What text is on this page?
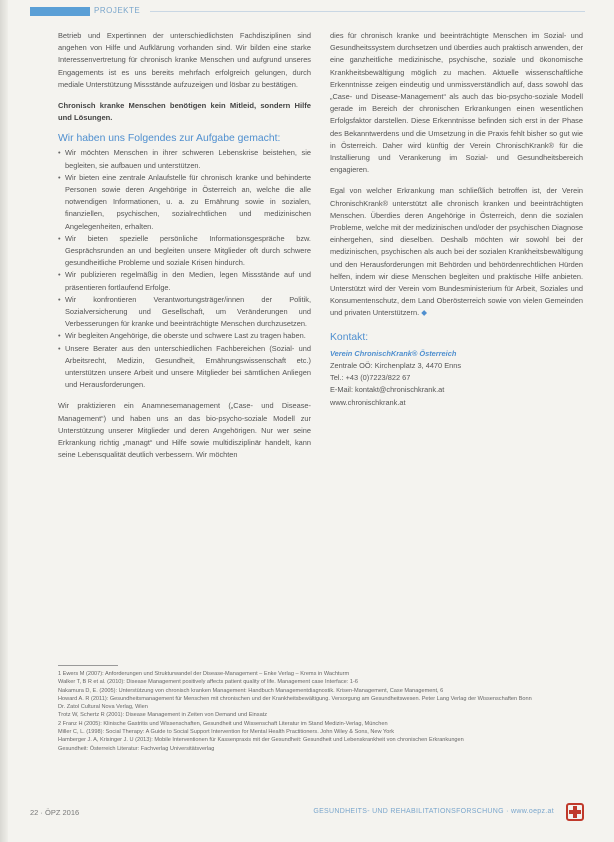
PROJEKTE

Betrieb und Expertinnen der unterschiedlichsten Fachdisziplinen sind angehen von Hilfe und Aufklärung vorhanden sind. Wir bilden eine starke Interessenvertretung für chronisch kranke Menschen und aufgrund unseres Engagements ist es uns bereits mehrfach erfolgreich gelungen, durch mediale Unterstützung Missstände aufzuzeigen und lösbar zu bestätigen.

Chronisch kranke Menschen benötigen kein Mitleid, sondern Hilfe und Lösungen.

Wir haben uns Folgendes zur Aufgabe gemacht:
• Wir möchten Menschen in ihrer schweren Lebenskrise beistehen, sie begleiten, sie aufbauen und unterstützen.
• Wir bieten eine zentrale Anlaufstelle für chronisch kranke und behinderte Personen sowie deren Angehörige in Österreich an, welche die alle notwendigen Informationen, u. a. zu Ernährung sowie in sozialen, finanziellen, psychischen, sozialrechtlichen und medizinischen Angelegenheiten, erhalten.
• Wir bieten spezielle persönliche Informationsgespräche bzw. Gesprächsrunden an und begleiten unsere Mitglieder oft durch schwere gesundheitliche Probleme und soziale Krisen hindurch.
• Wir publizieren regelmäßig in den Medien, legen Missstände auf und präsentieren fortlaufend Erfolge.
• Wir konfrontieren Verantwortungsträger/innen der Politik, Sozialversicherung und Gesellschaft, um Veränderungen und Verbesserungen für kranke und beeinträchtigte Menschen durchzusetzen.
• Wir begleiten Angehörige, die oberste und schwere Last zu tragen haben.
• Unsere Berater aus den unterschiedlichen Fachbereichen (Sozial- und Arbeitsrecht, Medizin, Gesundheit, Ernährungswissenschaft etc.) unterstützen unsere Arbeit und unsere Mitglieder bei sämtlichen Anliegen und Herausforderungen.

Wir praktizieren ein Anamnesemanagement („Case- und Disease-Management“) und haben uns an das bio-psycho-soziale Modell zur Unterstützung unserer Mitglieder und deren Angehörigen. Nur wer seine Erkrankung richtig „managt“ und Hilfe sowie multidisziplinär handelt, kann seine Lebensqualität deutlich verbessern. Wir möchten

dies für chronisch kranke und beeinträchtigte Menschen im Sozial- und Gesundheitssystem durchsetzen und überdies auch praktisch anwenden, der eine ganzheitliche medizinische, psychische, soziale und ökonomische Krankheitsbewältigung möglich zu machen. Aktuelle wissenschaftliche Erkenntnisse zeigen eindeutig und unmissverständlich auf, dass sowohl das „Case- und Disease-Management“ als auch das bio-psycho-soziale Modell gerade im Bereich der chronischen Erkrankungen einen wesentlichen Erfolgsfaktor darstellen. Diese Erkenntnisse befinden sich erst in der Phase des Bekanntwerdens und die Umsetzung in die Praxis fehlt bisher so gut wie in Österreich. Daher wird künftig der Verein ChronischKrank® für die Installierung und Verankerung im Sozial- und Gesundheitsbereich engagieren.

Egal von welcher Erkrankung man schließlich betroffen ist, der Verein ChronischKrank® unterstützt alle chronisch kranken und beeinträchtigten Menschen. Überdies deren Angehörige in Österreich, denn die sozialen Probleme, welche mit der medizinischen und/oder der psychischen Diagnose einhergehen, sind dieselben. Deshalb möchten wir sowohl bei der medizinischen, psychischen als auch bei der sozialen Krankheitsbewältigung und den Herausforderungen mit Behörden und behördenrechtlichen Hürden helfen, indem wir diese Menschen begleiten und praktische Hilfe anbieten. Unterstützt wird der Verein vom Bundesministerium für Arbeit, Soziales und Konsumentenschutz, dem Land Oberösterreich sowie von vielen Gemeinden und privaten Unterstützern. ◆

Kontakt:
Verein ChronischKrank® Österreich
Zentrale OÖ: Kirchenplatz 3, 4470 Enns
Tel.: +43 (0)7223/822 67
E-Mail: kontakt@chronischkrank.at
www.chronischkrank.at
1 Ewers M (2007): Anforderungen und Strukturwandel der Disease-Management – Enke Verlag – Krems in Wachturm
Walker T, B R et al. (2010): Disease Management positively affects patient quality of life. Management case Interface: 1-6
Nakamura D, E. (2005): Unterstützung von chronisch kranken Management: Handbuch Managementdiagnostik. Krisen-Management, Case Management, 6
Howard A. R (2011): Gesundheitsmanagement für Menschen mit chronischen und der Krankheitsbewältigung. Versorgung am Gesundheitswesen. Peter Lang Verlag der Wissenschaften Bonn
Dr. Zatol Cultural Nova Verlag, Wien
Trotz W, Schertz R (2001): Disease Management in Zeiten von Demand und Einsatz
2 Franz H (2005): Klinische Gastritis und Wissenschaften, Gesundheit und Wissenschaft Literatur im Stand Medizin-Verlag, München
Miller C, L. (1998): Social Therapy: A Guide to Social Support Intervention for Mental Health Practitioners. John Wiley & Sons, New York
Hamberger J. A, Krisinger J. U (2013): Mobile Interventionen für Kassenpraxis mit der Gesundheit: Gesundheit und Lebenskrankheit von chronischen Erkrankungen
Gesundheit: Österreich Literatur: Fachverlag Universitätsverlag
22 · ÖPZ 2016	GESUNDHEITS- UND REHABILITATIONSFORSCHUNG · www.oepz.at
